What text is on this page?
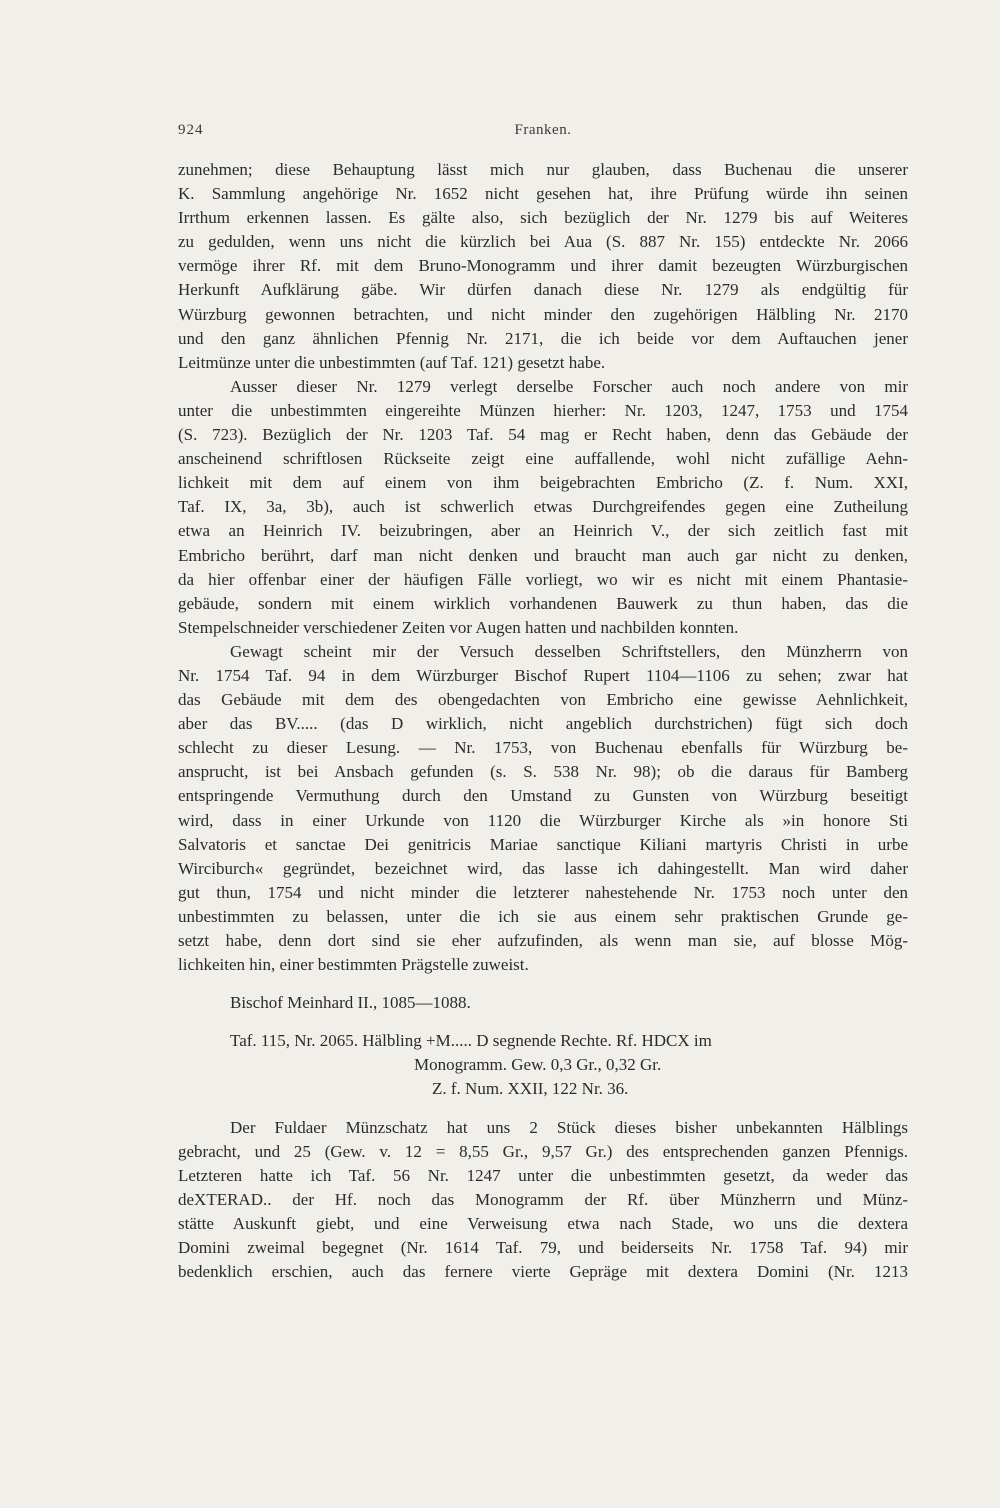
924	Franken.
zunehmen; diese Behauptung lässt mich nur glauben, dass Buchenau die unserer
K. Sammlung angehörige Nr. 1652 nicht gesehen hat, ihre Prüfung würde ihn seinen
Irrthum erkennen lassen. Es gälte also, sich bezüglich der Nr. 1279 bis auf Weiteres
zu gedulden, wenn uns nicht die kürzlich bei Aua (S. 887 Nr. 155) entdeckte Nr. 2066
vermöge ihrer Rf. mit dem Bruno-Monogramm und ihrer damit bezeugten Würzburgischen
Herkunft Aufklärung gäbe. Wir dürfen danach diese Nr. 1279 als endgültig für
Würzburg gewonnen betrachten, und nicht minder den zugehörigen Hälbling Nr. 2170
und den ganz ähnlichen Pfennig Nr. 2171, die ich beide vor dem Auftauchen jener
Leitmünze unter die unbestimmten (auf Taf. 121) gesetzt habe.
Ausser dieser Nr. 1279 verlegt derselbe Forscher auch noch andere von mir
unter die unbestimmten eingereihte Münzen hierher: Nr. 1203, 1247, 1753 und 1754
(S. 723). Bezüglich der Nr. 1203 Taf. 54 mag er Recht haben, denn das Gebäude der
anscheinend schriftlosen Rückseite zeigt eine auffallende, wohl nicht zufällige Aehn-
lichkeit mit dem auf einem von ihm beigebrachten Embricho (Z. f. Num. XXI,
Taf. IX, 3a, 3b), auch ist schwerlich etwas Durchgreifendes gegen eine Zutheilung
etwa an Heinrich IV. beizubringen, aber an Heinrich V., der sich zeitlich fast mit
Embricho berührt, darf man nicht denken und braucht man auch gar nicht zu denken,
da hier offenbar einer der häufigen Fälle vorliegt, wo wir es nicht mit einem Phantasie-
gebäude, sondern mit einem wirklich vorhandenen Bauwerk zu thun haben, das die
Stempelschneider verschiedener Zeiten vor Augen hatten und nachbilden konnten.
Gewagt scheint mir der Versuch desselben Schriftstellers, den Münzherrn von
Nr. 1754 Taf. 94 in dem Würzburger Bischof Rupert 1104—1106 zu sehen; zwar hat
das Gebäude mit dem des obengedachten von Embricho eine gewisse Aehnlichkeit,
aber das BV..... (das D wirklich, nicht angeblich durchstrichen) fügt sich doch
schlecht zu dieser Lesung. — Nr. 1753, von Buchenau ebenfalls für Würzburg be-
ansprucht, ist bei Ansbach gefunden (s. S. 538 Nr. 98); ob die daraus für Bamberg
entspringende Vermuthung durch den Umstand zu Gunsten von Würzburg beseitigt
wird, dass in einer Urkunde von 1120 die Würzburger Kirche als »in honore Sti
Salvatoris et sanctae Dei genitricis Mariae sanctique Kiliani martyris Christi in urbe
Wirciburch« gegründet, bezeichnet wird, das lasse ich dahingestellt. Man wird daher
gut thun, 1754 und nicht minder die letzterer nahestehende Nr. 1753 noch unter den
unbestimmten zu belassen, unter die ich sie aus einem sehr praktischen Grunde ge-
setzt habe, denn dort sind sie eher aufzufinden, als wenn man sie, auf blosse Mög-
lichkeiten hin, einer bestimmten Prägstelle zuweist.
Bischof Meinhard II., 1085—1088.
Taf. 115, Nr. 2065. Hälbling +M..... D segnende Rechte. Rf. HDCX im
Monogramm. Gew. 0,3 Gr., 0,32 Gr.
Z. f. Num. XXII, 122 Nr. 36.
Der Fuldaer Münzschatz hat uns 2 Stück dieses bisher unbekannten Hälblings
gebracht, und 25 (Gew. v. 12 = 8,55 Gr., 9,57 Gr.) des entsprechenden ganzen Pfennigs.
Letzteren hatte ich Taf. 56 Nr. 1247 unter die unbestimmten gesetzt, da weder das
deXTERAD.. der Hf. noch das Monogramm der Rf. über Münzherrn und Münz-
stätte Auskunft giebt, und eine Verweisung etwa nach Stade, wo uns die dextera
Domini zweimal begegnet (Nr. 1614 Taf. 79, und beiderseits Nr. 1758 Taf. 94) mir
bedenklich erschien, auch das fernere vierte Gepräge mit dextera Domini (Nr. 1213
